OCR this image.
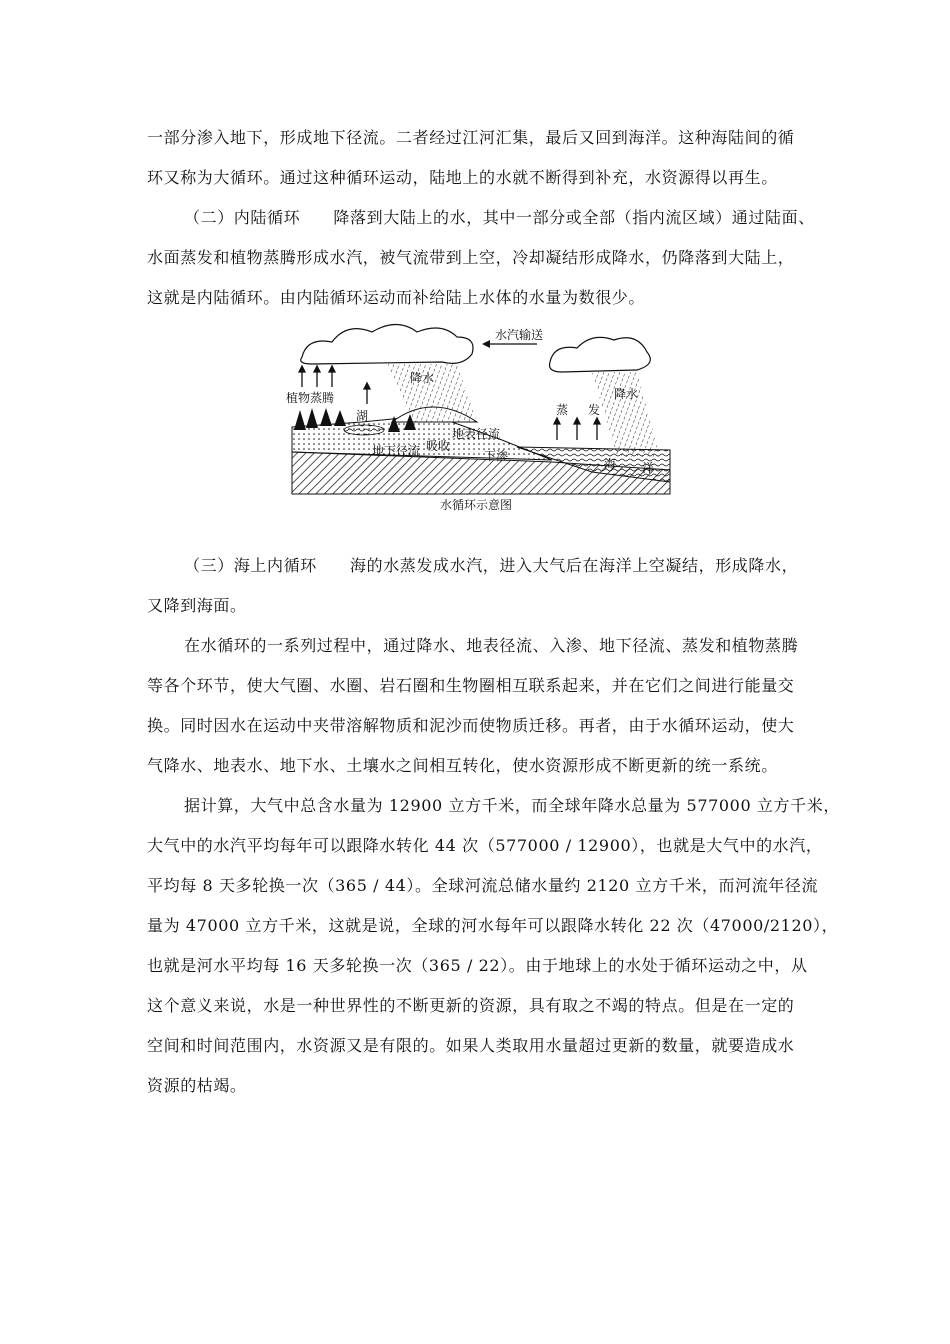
一部分渗入地下，形成地下径流。二者经过江河汇集，最后又回到海洋。这种海陆间的循
环又称为大循环。通过这种循环运动，陆地上的水就不断得到补充，水资源得以再生。
（二）内陆循环　　降落到大陆上的水，其中一部分或全部（指内流区域）通过陆面、
水面蒸发和植物蒸腾形成水汽，被气流带到上空，冷却凝结形成降水，仍降落到大陆上，
这就是内陆循环。由内陆循环运动而补给陆上水体的水量为数很少。
水汽输送
降水
降水
植物蒸腾
湖	蒸 发
地表径流
吸收
下渗
地下径流
海 洋
水循环示意图
（三）海上内循环　　海的水蒸发成水汽，进入大气后在海洋上空凝结，形成降水，
又降到海面。
在水循环的一系列过程中，通过降水、地表径流、入渗、地下径流、蒸发和植物蒸腾
等各个环节，使大气圈、水圈、岩石圈和生物圈相互联系起来，并在它们之间进行能量交
换。同时因水在运动中夹带溶解物质和泥沙而使物质迁移。再者，由于水循环运动，使大
气降水、地表水、地下水、土壤水之间相互转化，使水资源形成不断更新的统一系统。
据计算，大气中总含水量为 12900 立方千米，而全球年降水总量为 577000 立方千米，
大气中的水汽平均每年可以跟降水转化 44 次（577000 / 12900），也就是大气中的水汽，
平均每 8 天多轮换一次（365 / 44）。全球河流总储水量约 2120 立方千米，而河流年径流
量为 47000 立方千米，这就是说，全球的河水每年可以跟降水转化 22 次（47000/2120），
也就是河水平均每 16 天多轮换一次（365 / 22）。由于地球上的水处于循环运动之中，从
这个意义来说，水是一种世界性的不断更新的资源，具有取之不竭的特点。但是在一定的
空间和时间范围内，水资源又是有限的。如果人类取用水量超过更新的数量，就要造成水
资源的枯竭。
